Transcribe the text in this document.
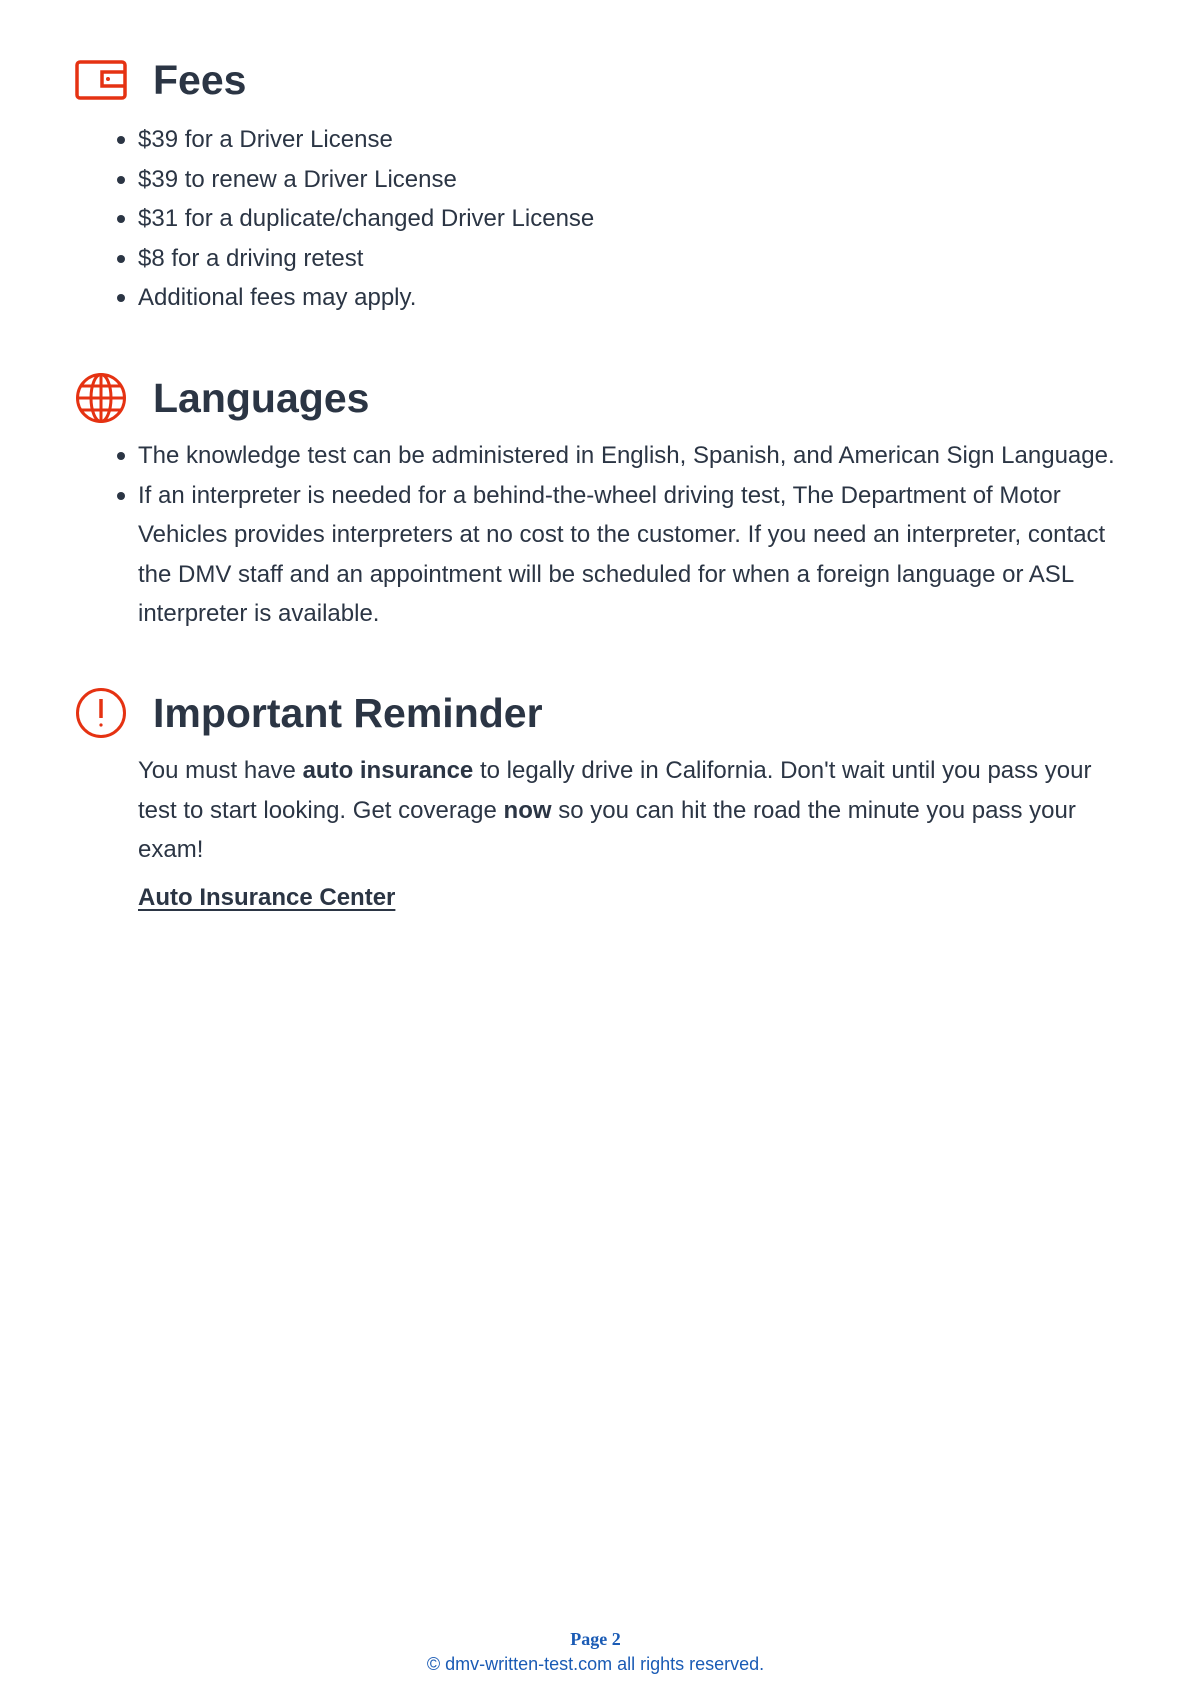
Fees
$39 for a Driver License
$39 to renew a Driver License
$31 for a duplicate/changed Driver License
$8 for a driving retest
Additional fees may apply.
Languages
The knowledge test can be administered in English, Spanish, and American Sign Language.
If an interpreter is needed for a behind-the-wheel driving test, The Department of Motor Vehicles provides interpreters at no cost to the customer. If you need an interpreter, contact the DMV staff and an appointment will be scheduled for when a foreign language or ASL interpreter is available.
Important Reminder

You must have auto insurance to legally drive in California. Don't wait until you pass your test to start looking. Get coverage now so you can hit the road the minute you pass your exam!

Auto Insurance Center
Page 2
© dmv-written-test.com all rights reserved.
